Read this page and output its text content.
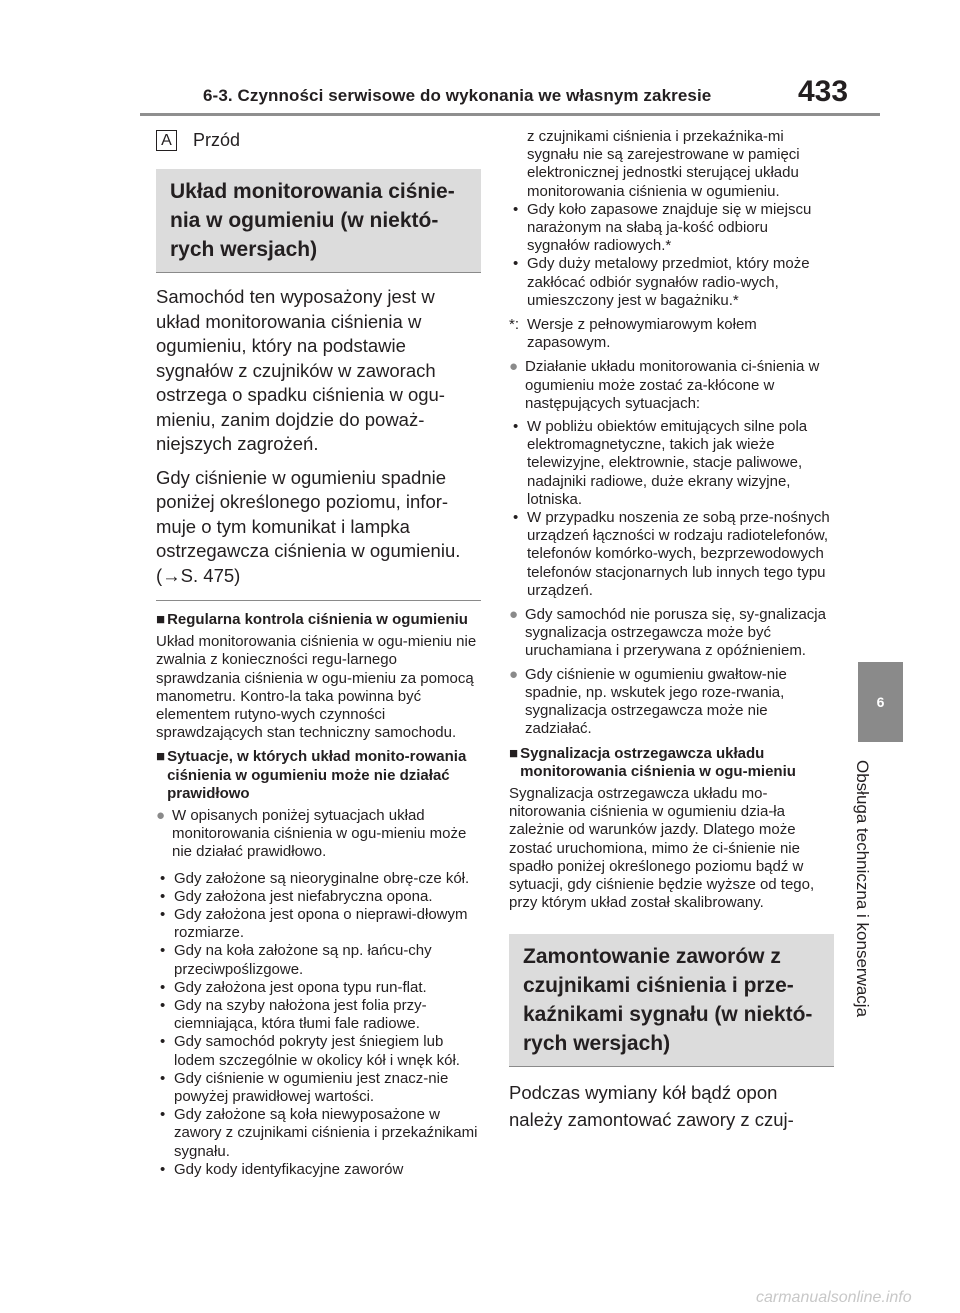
6-3. Czynności serwisowe do wykonania we własnym zakresie	433
6
Obsługa techniczna i konserwacja
A Przód
Układ monitorowania ciśnie-nia w ogumieniu (w niektó-rych wersjach)

Samochód ten wyposażony jest w układ monitorowania ciśnienia w ogumieniu, który na podstawie sygnałów z czujników w zaworach ostrzega o spadku ciśnienia w ogu-mieniu, zanim dojdzie do poważ-niejszych zagrożeń.

Gdy ciśnienie w ogumieniu spadnie poniżej określonego poziomu, infor-muje o tym komunikat i lampka ostrzegawcza ciśnienia w ogumieniu. (→S. 475)

■ Regularna kontrola ciśnienia w ogumieniu

Układ monitorowania ciśnienia w ogu-mieniu nie zwalnia z konieczności regu-larnego sprawdzania ciśnienia w ogu-mieniu za pomocą manometru. Kontro-la taka powinna być elementem rutyno-wych czynności sprawdzających stan techniczny samochodu.

■ Sytuacje, w których układ monito-rowania ciśnienia w ogumieniu może nie działać prawidłowo
● W opisanych poniżej sytuacjach układ monitorowania ciśnienia w ogu-mieniu może nie działać prawidłowo.
• Gdy założone są nieoryginalne obrę-cze kół.
• Gdy założona jest niefabryczna opona.
• Gdy założona jest opona o nieprawi-dłowym rozmiarze.
• Gdy na koła założone są np. łańcu-chy przeciwpoślizgowe.
• Gdy założona jest opona typu run-flat.
• Gdy na szyby nałożona jest folia przy-ciemniająca, która tłumi fale radiowe.
• Gdy samochód pokryty jest śniegiem lub lodem szczególnie w okolicy kół i wnęk kół.
• Gdy ciśnienie w ogumieniu jest znacz-nie powyżej prawidłowej wartości.
• Gdy założone są koła niewyposażone w zawory z czujnikami ciśnienia i przekaźnikami sygnału.
• Gdy kody identyfikacyjne zaworów
z czujnikami ciśnienia i przekaźnika-mi sygnału nie są zarejestrowane w pamięci elektronicznej jednostki sterującej układu monitorowania ciśnienia w ogumieniu.
• Gdy koło zapasowe znajduje się w miejscu narażonym na słabą ja-kość odbioru sygnałów radiowych.*
• Gdy duży metalowy przedmiot, który może zakłócać odbiór sygnałów radio-wych, umieszczony jest w bagażniku.*
*: Wersje z pełnowymiarowym kołem zapasowym.
● Działanie układu monitorowania ci-śnienia w ogumieniu może zostać za-kłócone w następujących sytuacjach:
• W pobliżu obiektów emitujących silne pola elektromagnetyczne, takich jak wieże telewizyjne, elektrownie, stacje paliwowe, nadajniki radiowe, duże ekrany wizyjne, lotniska.
• W przypadku noszenia ze sobą prze-nośnych urządzeń łączności w rodzaju radiotelefonów, telefonów komórko-wych, bezprzewodowych telefonów stacjonarnych lub innych tego typu urządzeń.
● Gdy samochód nie porusza się, sy-gnalizacja sygnalizacja ostrzegawcza może być uruchamiana i przerywana z opóźnieniem.
● Gdy ciśnienie w ogumieniu gwałtow-nie spadnie, np. wskutek jego roze-rwania, sygnalizacja ostrzegawcza może nie zadziałać.
■ Sygnalizacja ostrzegawcza układu monitorowania ciśnienia w ogu-mieniu

Sygnalizacja ostrzegawcza układu mo-nitorowania ciśnienia w ogumieniu dzia-ła zależnie od warunków jazdy. Dlatego może zostać uruchomiona, mimo że ci-śnienie nie spadło poniżej określonego poziomu bądź w sytuacji, gdy ciśnienie będzie wyższe od tego, przy którym układ został skalibrowany.

Zamontowanie zaworów z czujnikami ciśnienia i prze-kaźnikami sygnału (w niektó-rych wersjach)

Podczas wymiany kół bądź opon należy zamontować zawory z czuj-

carmanualsonline.info
